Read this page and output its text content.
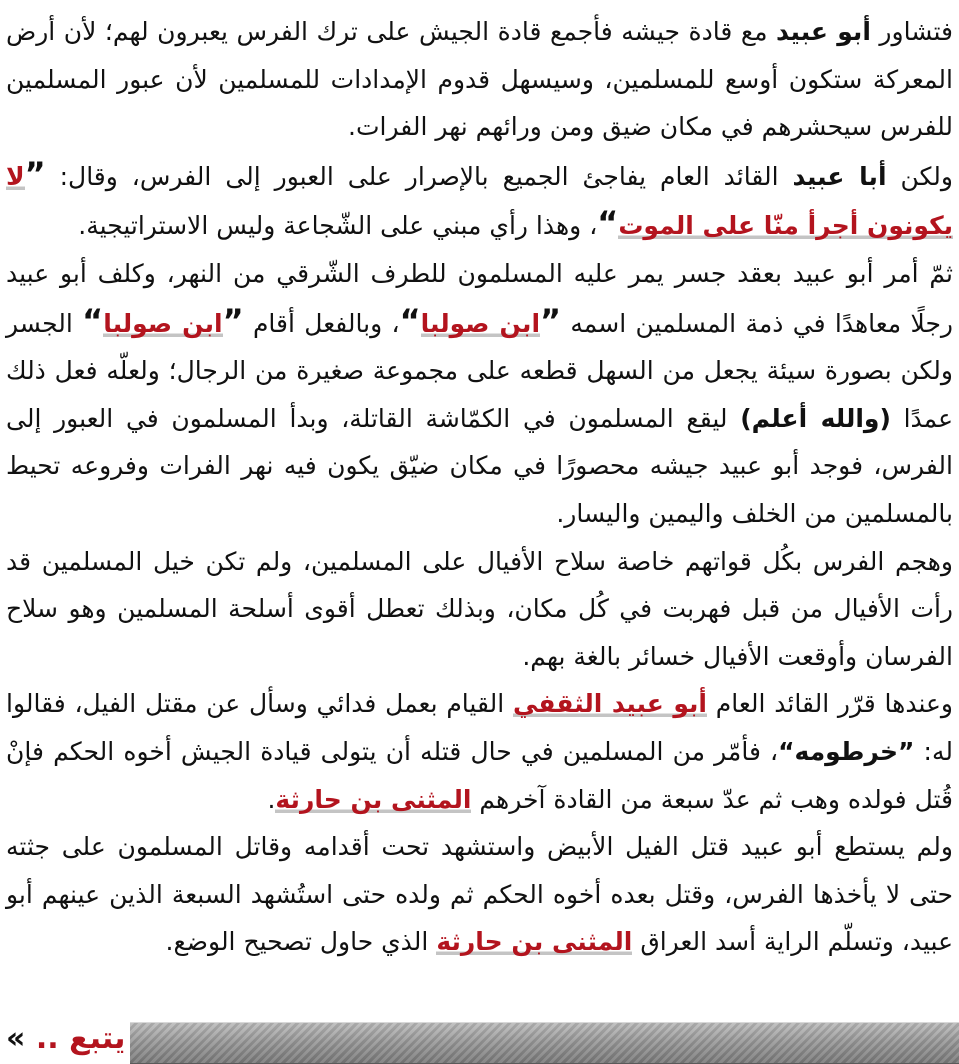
فتشاور أبو عبيد مع قادة جيشه فأجمع قادة الجيش على ترك الفرس يعبرون لهم؛ لأن أرض المعركة ستكون أوسع للمسلمين، وسيسهل قدوم الإمدادات للمسلمين لأن عبور المسلمين للفرس سيحشرهم في مكان ضيق ومن ورائهم نهر الفرات.

ولكن أبا عبيد القائد العام يفاجئ الجميع بالإصرار على العبور إلى الفرس، وقال: ”لا يكونون أجرأ منّا على الموت“، وهذا رأي مبني على الشّجاعة وليس الاستراتيجية.

ثمّ أمر أبو عبيد بعقد جسر يمر عليه المسلمون للطرف الشّرقي من النهر، وكلف أبو عبيد رجلًا معاهدًا في ذمة المسلمين اسمه ”ابن صولبا“، وبالفعل أقام ”ابن صولبا“ الجسر ولكن بصورة سيئة يجعل من السهل قطعه على مجموعة صغيرة من الرجال؛ ولعلّه فعل ذلك عمدًا (والله أعلم) ليقع المسلمون في الكمّاشة القاتلة، وبدأ المسلمون في العبور إلى الفرس، فوجد أبو عبيد جيشه محصورًا في مكان ضيّق يكون فيه نهر الفرات وفروعه تحيط بالمسلمين من الخلف واليمين واليسار.

وهجم الفرس بكُل قواتهم خاصة سلاح الأفيال على المسلمين، ولم تكن خيل المسلمين قد رأت الأفيال من قبل فهربت في كُل مكان، وبذلك تعطل أقوى أسلحة المسلمين وهو سلاح الفرسان وأوقعت الأفيال خسائر بالغة بهم.

وعندها قرّر القائد العام أبو عبيد الثقفي القيام بعمل فدائي وسأل عن مقتل الفيل، فقالوا له: ”خرطومه“، فأمّر من المسلمين في حال قتله أن يتولى قيادة الجيش أخوه الحكم فإنْ قُتل فولده وهب ثم عدّ سبعة من القادة آخرهم المثنى بن حارثة.

ولم يستطع أبو عبيد قتل الفيل الأبيض واستشهد تحت أقدامه وقاتل المسلمون على جثته حتى لا يأخذها الفرس، وقتل بعده أخوه الحكم ثم ولده حتى استُشهد السبعة الذين عينهم أبو عبيد، وتسلّم الراية أسد العراق المثنى بن حارثة الذي حاول تصحيح الوضع.

« يتبع ..
